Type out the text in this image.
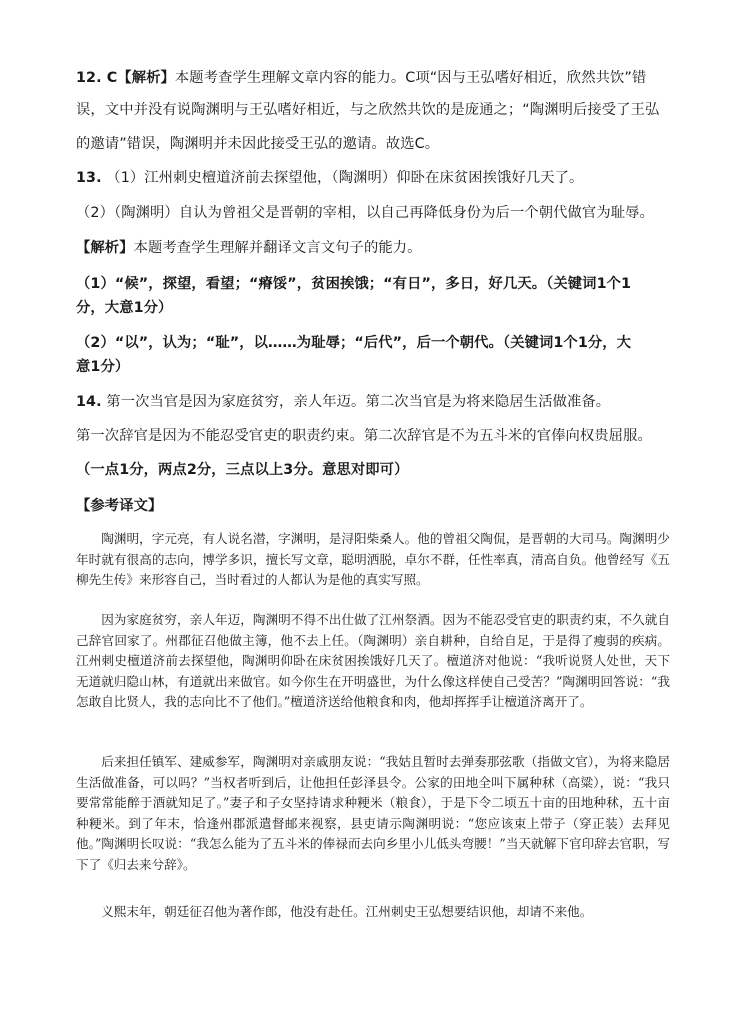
12. C【解析】本题考查学生理解文章内容的能力。C项“因与王弘嗜好相近，欣然共饮”错
误，文中并没有说陶渊明与王弘嗜好相近，与之欣然共饮的是庞通之；“陶渊明后接受了王弘
的邀请”错误，陶渊明并未因此接受王弘的邀请。故选C。
13. （1）江州刺史檀道济前去探望他，（陶渊明）仰卧在床贫困挨饿好几天了。
（2）（陶渊明）自认为曾祖父是晋朝的宰相，以自己再降低身份为后一个朝代做官为耻辱。
【解析】本题考查学生理解并翻译文言文句子的能力。
（1）“候”，探望，看望；“瘠馁”，贫困挨饿；“有日”，多日，好几天。（关键词1个1
分，大意1分）
（2）“以”，认为；“耻”，以……为耻辱；“后代”，后一个朝代。（关键词1个1分，大
意1分）
14. 第一次当官是因为家庭贫穷，亲人年迈。第二次当官是为将来隐居生活做准备。
第一次辞官是因为不能忍受官吏的职责约束。第二次辞官是不为五斗米的官俸向权贵屈服。
（一点1分，两点2分，三点以上3分。意思对即可）
【参考译文】

陶渊明，字元亮，有人说名潜，字渊明，是浔阳柴桑人。他的曾祖父陶侃，是晋朝的大司马。陶渊明少年时就有很高的志向，博学多识，擅长写文章，聪明洒脱，卓尔不群，任性率真，清高自负。他曾经写《五柳先生传》来形容自己，当时看过的人都认为是他的真实写照。

因为家庭贫穷，亲人年迈，陶渊明不得不出仕做了江州祭酒。因为不能忍受官吏的职责约束，不久就自己辞官回家了。州郡征召他做主簿，他不去上任。（陶渊明）亲自耕种，自给自足，于是得了瘦弱的疾病。江州刺史檀道济前去探望他，陶渊明仰卧在床贫困挨饿好几天了。檀道济对他说：“我听说贤人处世，天下无道就归隐山林，有道就出来做官。如今你生在开明盛世，为什么像这样使自己受苦？”陶渊明回答说：“我怎敢自比贤人，我的志向比不了他们。”檀道济送给他粮食和肉，他却挥挥手让檀道济离开了。

后来担任镇军、建威参军，陶渊明对亲戚朋友说：“我姑且暂时去弹奏那弦歌（指做文官），为将来隐居生活做准备，可以吗？”当权者听到后，让他担任彭泽县令。公家的田地全叫下属种秫（高粱），说：“我只要常常能醉于酒就知足了。”妻子和子女坚持请求种粳米（粮食），于是下令二顷五十亩的田地种秫，五十亩种粳米。到了年末，恰逢州郡派遣督邮来视察，县吏请示陶渊明说：“您应该束上带子（穿正装）去拜见他。”陶渊明长叹说：“我怎么能为了五斗米的俸禄而去向乡里小儿低头弯腰！”当天就解下官印辞去官职，写下了《归去来兮辞》。

义熙末年，朝廷征召他为著作郎，他没有赴任。江州刺史王弘想要结识他，却请不来他。
